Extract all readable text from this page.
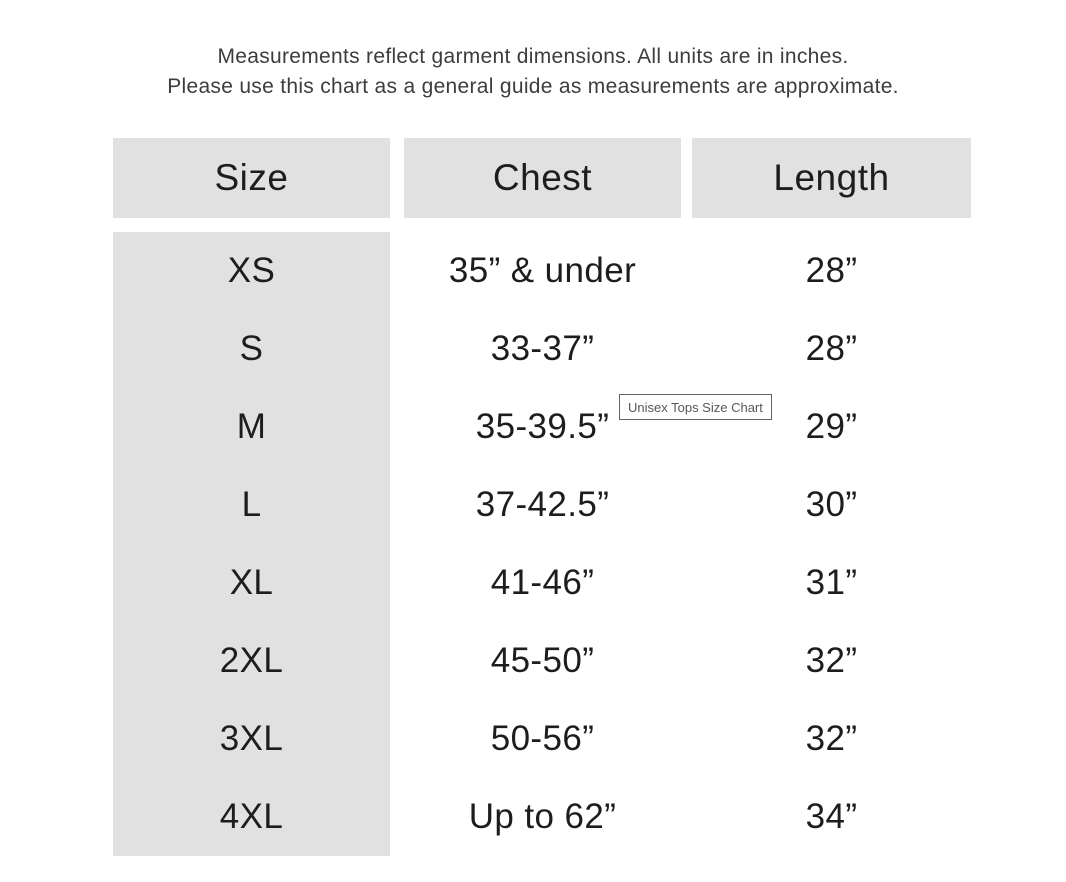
Measurements reflect garment dimensions. All units are in inches.
Please use this chart as a general guide as measurements are approximate.
Size	Chest	Length
XS	35” & under	28”
S	33-37”	28”
M	35-39.5”	29”
L	37-42.5”	30”
XL	41-46”	31”
2XL	45-50”	32”
3XL	50-56”	32”
4XL	Up to 62”	34”
Unisex Tops Size Chart
